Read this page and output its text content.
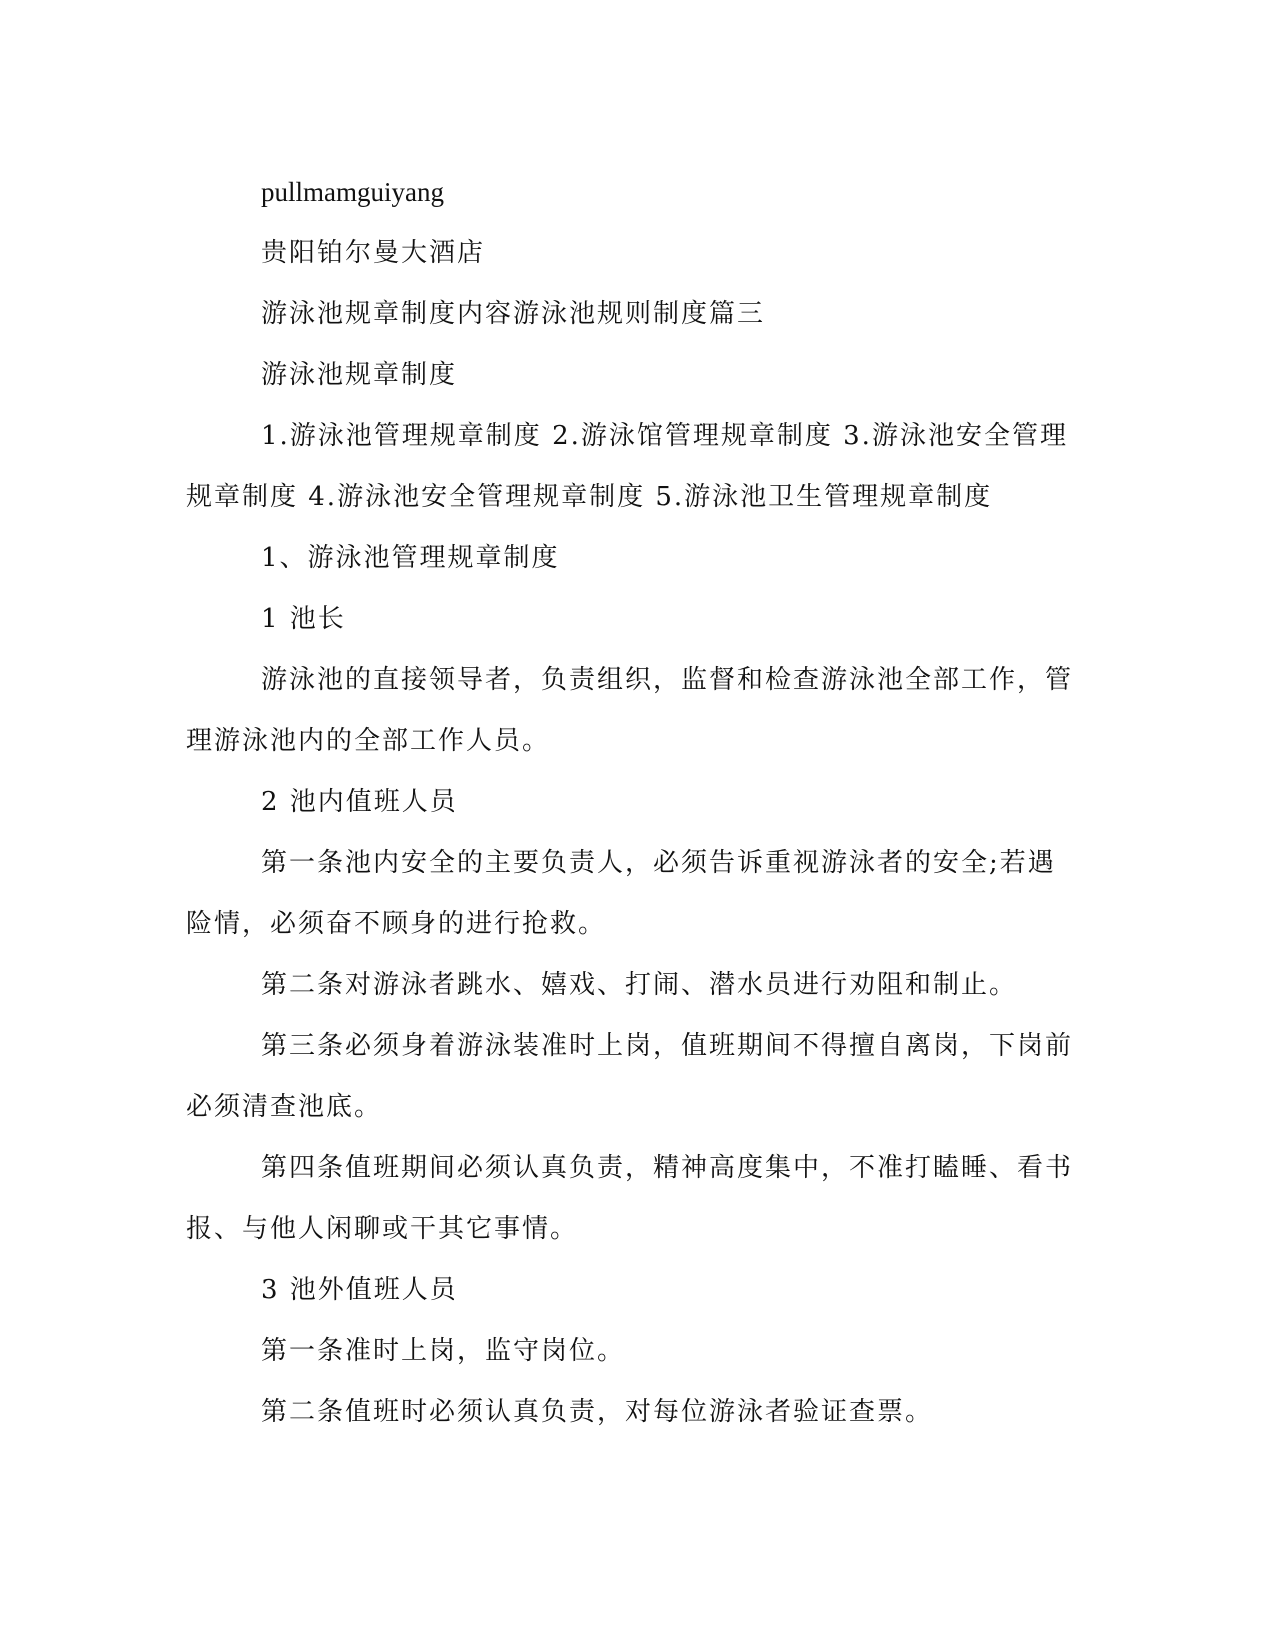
pullmamguiyang

贵阳铂尔曼大酒店

游泳池规章制度内容游泳池规则制度篇三

游泳池规章制度

1.游泳池管理规章制度 2.游泳馆管理规章制度 3.游泳池安全管理规章制度 4.游泳池安全管理规章制度 5.游泳池卫生管理规章制度

1、游泳池管理规章制度

1 池长

游泳池的直接领导者，负责组织，监督和检查游泳池全部工作，管理游泳池内的全部工作人员。

2 池内值班人员

第一条池内安全的主要负责人，必须告诉重视游泳者的安全;若遇险情，必须奋不顾身的进行抢救。

第二条对游泳者跳水、嬉戏、打闹、潜水员进行劝阻和制止。

第三条必须身着游泳装准时上岗，值班期间不得擅自离岗，下岗前必须清查池底。

第四条值班期间必须认真负责，精神高度集中，不准打瞌睡、看书报、与他人闲聊或干其它事情。

3 池外值班人员

第一条准时上岗，监守岗位。

第二条值班时必须认真负责，对每位游泳者验证查票。
